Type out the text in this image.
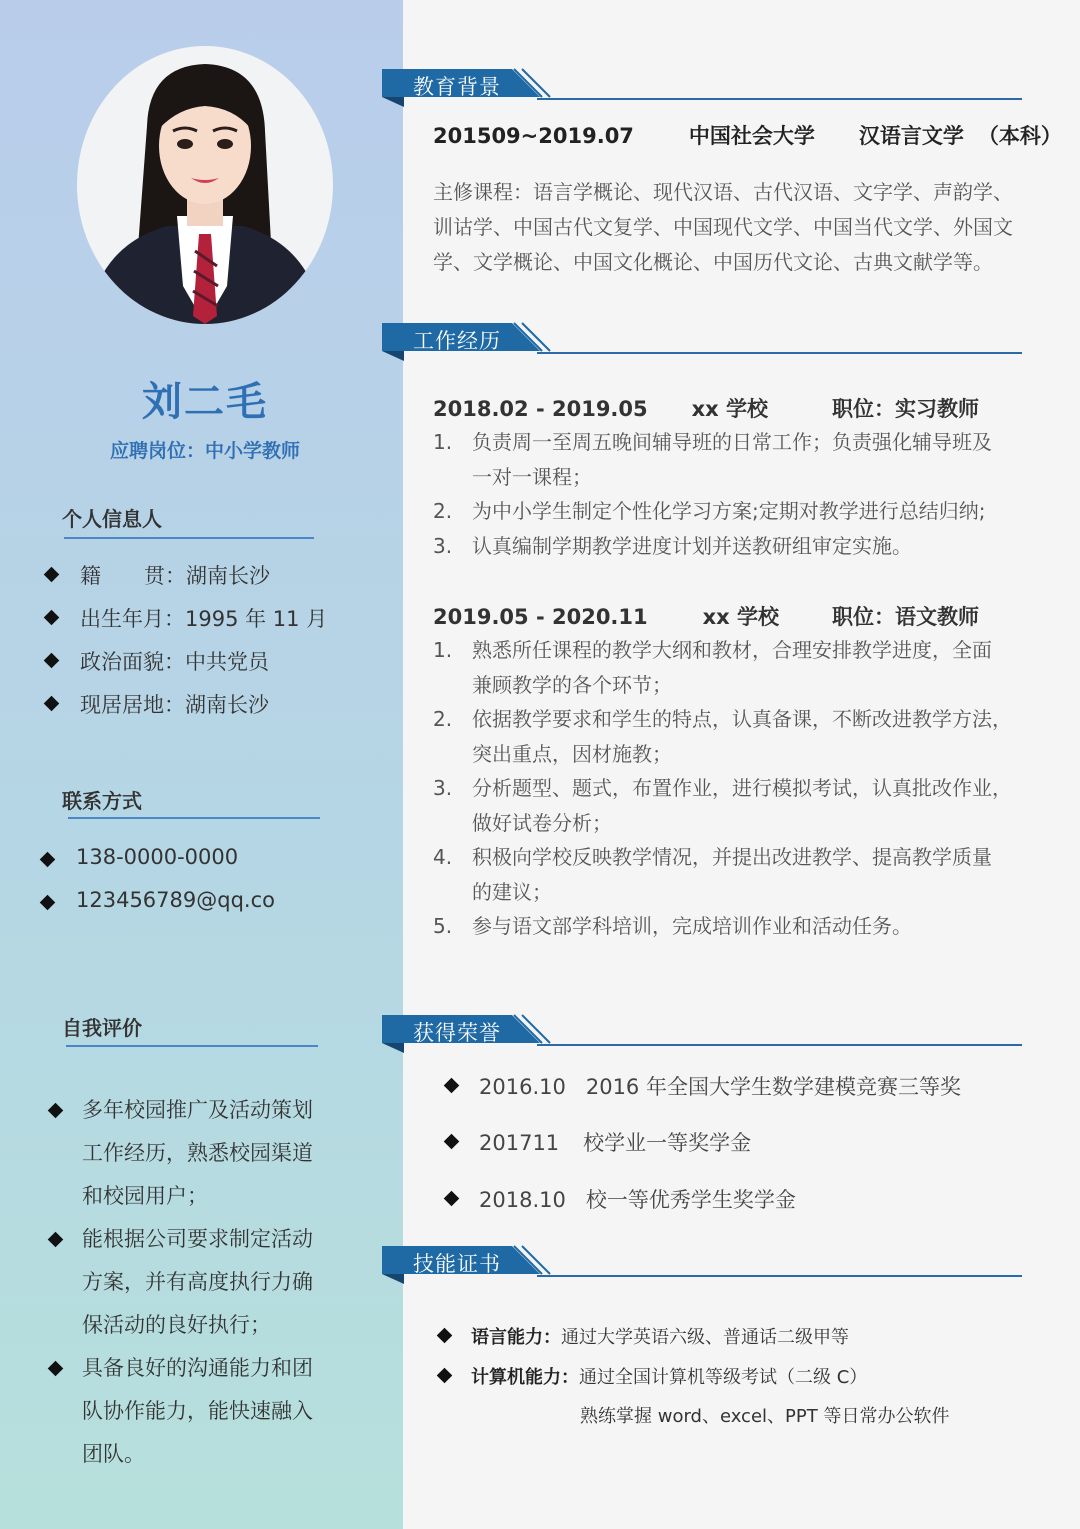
刘二毛
应聘岗位：中小学教师
个人信息人
籍 贯：湖南长沙
出生年月：1995 年 11 月
政治面貌：中共党员
现居居地：湖南长沙
联系方式
138-0000-0000
123456789@qq.co
自我评价
多年校园推广及活动策划
工作经历，熟悉校园渠道
和校园用户；
能根据公司要求制定活动
方案，并有高度执行力确
保活动的良好执行；
具备良好的沟通能力和团
队协作能力，能快速融入
团队。
教育背景
工作经历
获得荣誉
技能证书
201509~2019.07	中国社会大学 汉语言文学 （本科）
主修课程：语言学概论、现代汉语、古代汉语、文字学、声韵学、
训诂学、中国古代文复学、中国现代文学、中国当代文学、外国文
学、文学概论、中国文化概论、中国历代文论、古典文献学等。
2018.02 - 2019.05 xx 学校	职位：实习教师
1. 负责周一至周五晚间辅导班的日常工作；负责强化辅导班及
一对一课程；
2. 为中小学生制定个性化学习方案;定期对教学进行总结归纳;
3. 认真编制学期教学进度计划并送教研组审定实施。
2019.05 - 2020.11	xx 学校	职位：语文教师
1. 熟悉所任课程的教学大纲和教材，合理安排教学进度，全面
兼顾教学的各个环节；
2. 依据教学要求和学生的特点，认真备课，不断改进教学方法，
突出重点，因材施教；
3. 分析题型、题式，布置作业，进行模拟考试，认真批改作业，
做好试卷分析；
4. 积极向学校反映教学情况，并提出改进教学、提高教学质量
的建议；
5. 参与语文部学科培训，完成培训作业和活动任务。
2016.10 2016 年全国大学生数学建模竞赛三等奖
201711 校学业一等奖学金
2018.10 校一等优秀学生奖学金
语言能力：通过大学英语六级、普通话二级甲等
计算机能力：通过全国计算机等级考试（二级 C）
熟练掌握 word、excel、PPT 等日常办公软件
